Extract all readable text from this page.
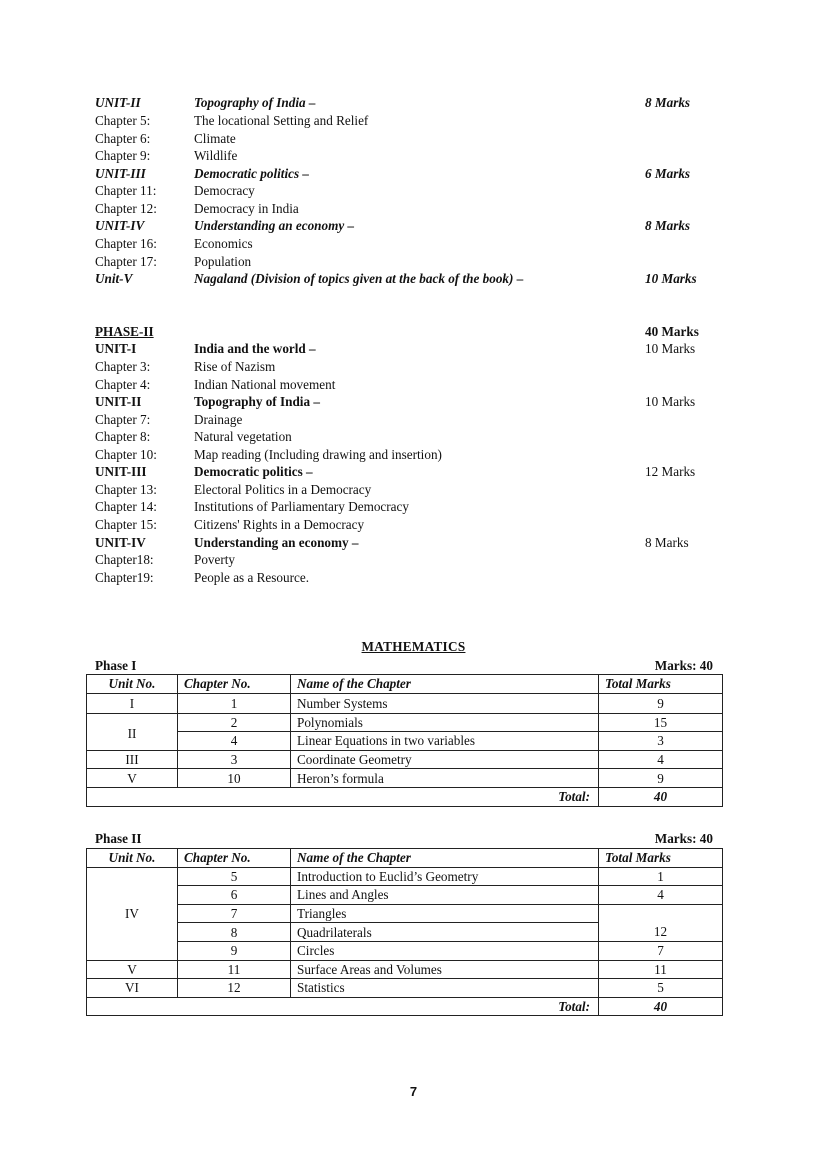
UNIT-II	Topography of India –	8 Marks
Chapter 5:	The locational Setting and Relief
Chapter 6:	Climate
Chapter 9:	Wildlife
UNIT-III	Democratic politics –	6 Marks
Chapter 11:	Democracy
Chapter 12:	Democracy in India
UNIT-IV	Understanding an economy –	8 Marks
Chapter 16:	Economics
Chapter 17:	Population
Unit-V	Nagaland (Division of topics given at the back of the book) –	10 Marks
PHASE-II	40 Marks
UNIT-I	India and the world –	10 Marks
Chapter 3:	Rise of Nazism
Chapter 4:	Indian National movement
UNIT-II	Topography of India –	10 Marks
Chapter 7:	Drainage
Chapter 8:	Natural vegetation
Chapter 10:	Map reading (Including drawing and insertion)
UNIT-III	Democratic politics –	12 Marks
Chapter 13:	Electoral Politics in a Democracy
Chapter 14:	Institutions of Parliamentary Democracy
Chapter 15:	Citizens' Rights in a Democracy
UNIT-IV	Understanding an economy –	8 Marks
Chapter18:	Poverty
Chapter19:	People as a Resource.
MATHEMATICS
Phase I	Marks: 40
Unit No.	Chapter No.	Name of the Chapter	Total Marks
I	1	Number Systems	9
II	2	Polynomials	15
	4	Linear Equations in two variables	3
III	3	Coordinate Geometry	4
V	10	Heron’s formula	9
Total:			40
Phase II	Marks: 40
Unit No.	Chapter No.	Name of the Chapter	Total Marks
IV	5	Introduction to Euclid’s Geometry	1
	6	Lines and Angles	4
	7	Triangles	
	8	Quadrilaterals	12
	9	Circles	7
V	11	Surface Areas and Volumes	11
VI	12	Statistics	5
Total:			40
7
